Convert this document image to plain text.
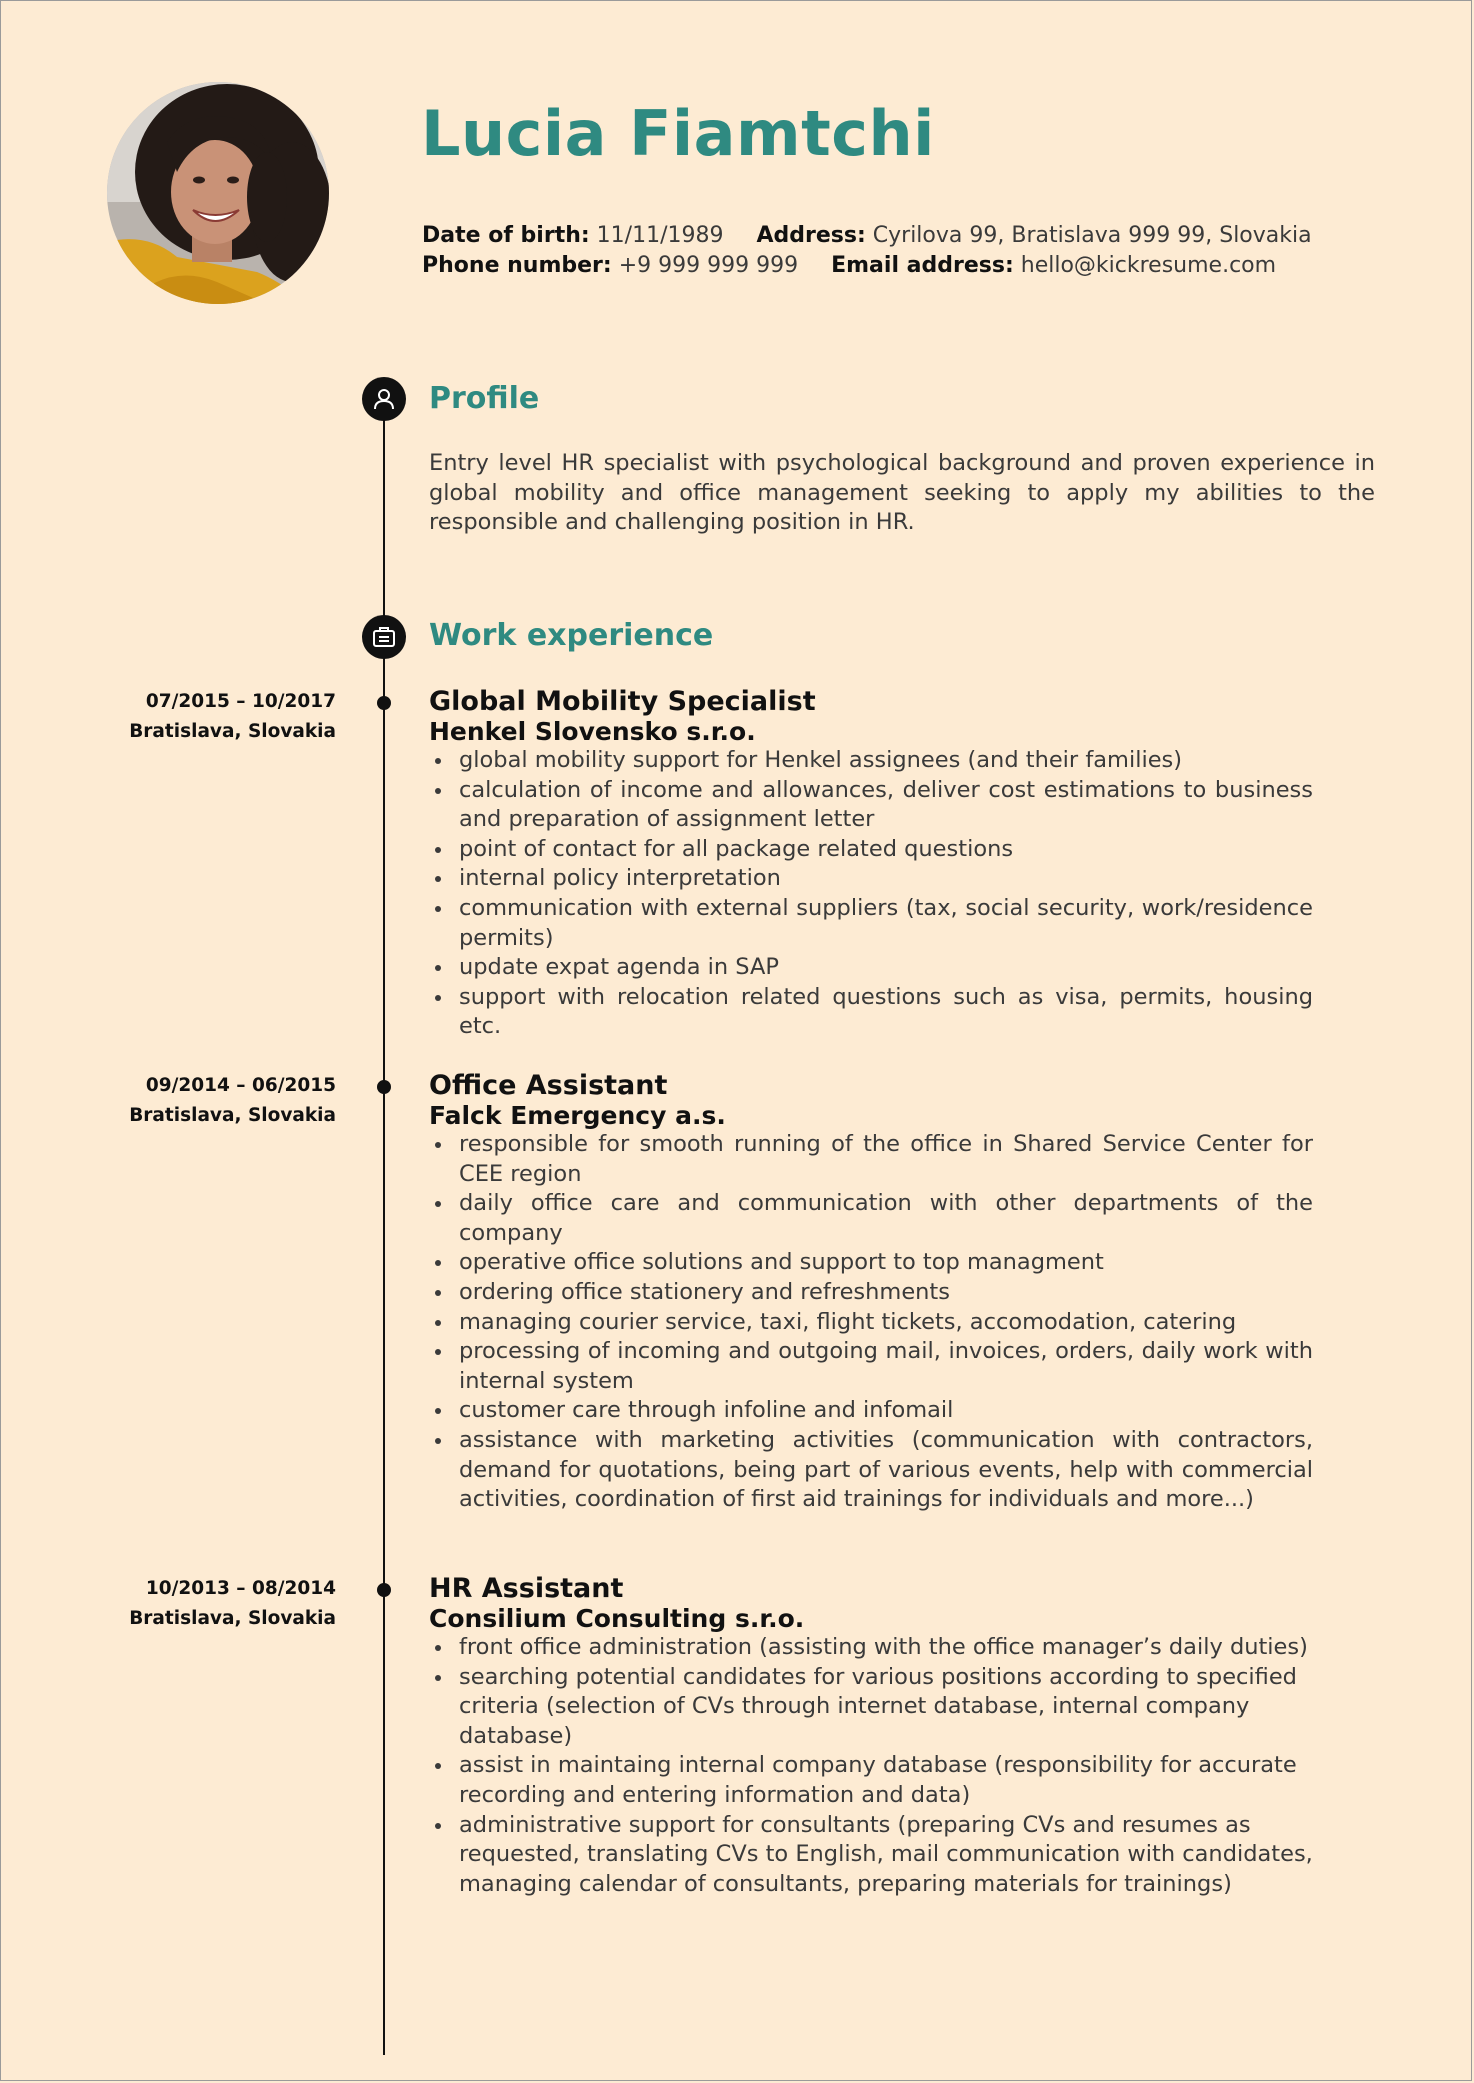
Lucia Fiamtchi
Date of birth: 11/11/1989 Address: Cyrilova 99, Bratislava 999 99, Slovakia
Phone number: +9 999 999 999 Email address: hello@kickresume.com
Profile

Entry level HR specialist with psychological background and proven experience in global mobility and office management seeking to apply my abilities to the responsible and challenging position in HR.

Work experience
07/2015 – 10/2017
Bratislava, Slovakia

Global Mobility Specialist

Henkel Slovensko s.r.o.

global mobility support for Henkel assignees (and their families)
calculation of income and allowances, deliver cost estimations to business and preparation of assignment letter
point of contact for all package related questions
internal policy interpretation
communication with external suppliers (tax, social security, work/residence permits)
update expat agenda in SAP
support with relocation related questions such as visa, permits, housing etc.
09/2014 – 06/2015
Bratislava, Slovakia

Office Assistant

Falck Emergency a.s.

responsible for smooth running of the office in Shared Service Center for CEE region
daily office care and communication with other departments of the company
operative office solutions and support to top managment
ordering office stationery and refreshments
managing courier service, taxi, flight tickets, accomodation, catering
processing of incoming and outgoing mail, invoices, orders, daily work with internal system
customer care through infoline and infomail
assistance with marketing activities (communication with contractors, demand for quotations, being part of various events, help with commercial activities, coordination of first aid trainings for individuals and more...)
10/2013 – 08/2014
Bratislava, Slovakia

HR Assistant

Consilium Consulting s.r.o.

front office administration (assisting with the office manager’s daily duties)
searching potential candidates for various positions according to specified criteria (selection of CVs through internet database, internal company database)
assist in maintaing internal company database (responsibility for accurate recording and entering information and data)
administrative support for consultants (preparing CVs and resumes as requested, translating CVs to English, mail communication with candidates, managing calendar of consultants, preparing materials for trainings)
